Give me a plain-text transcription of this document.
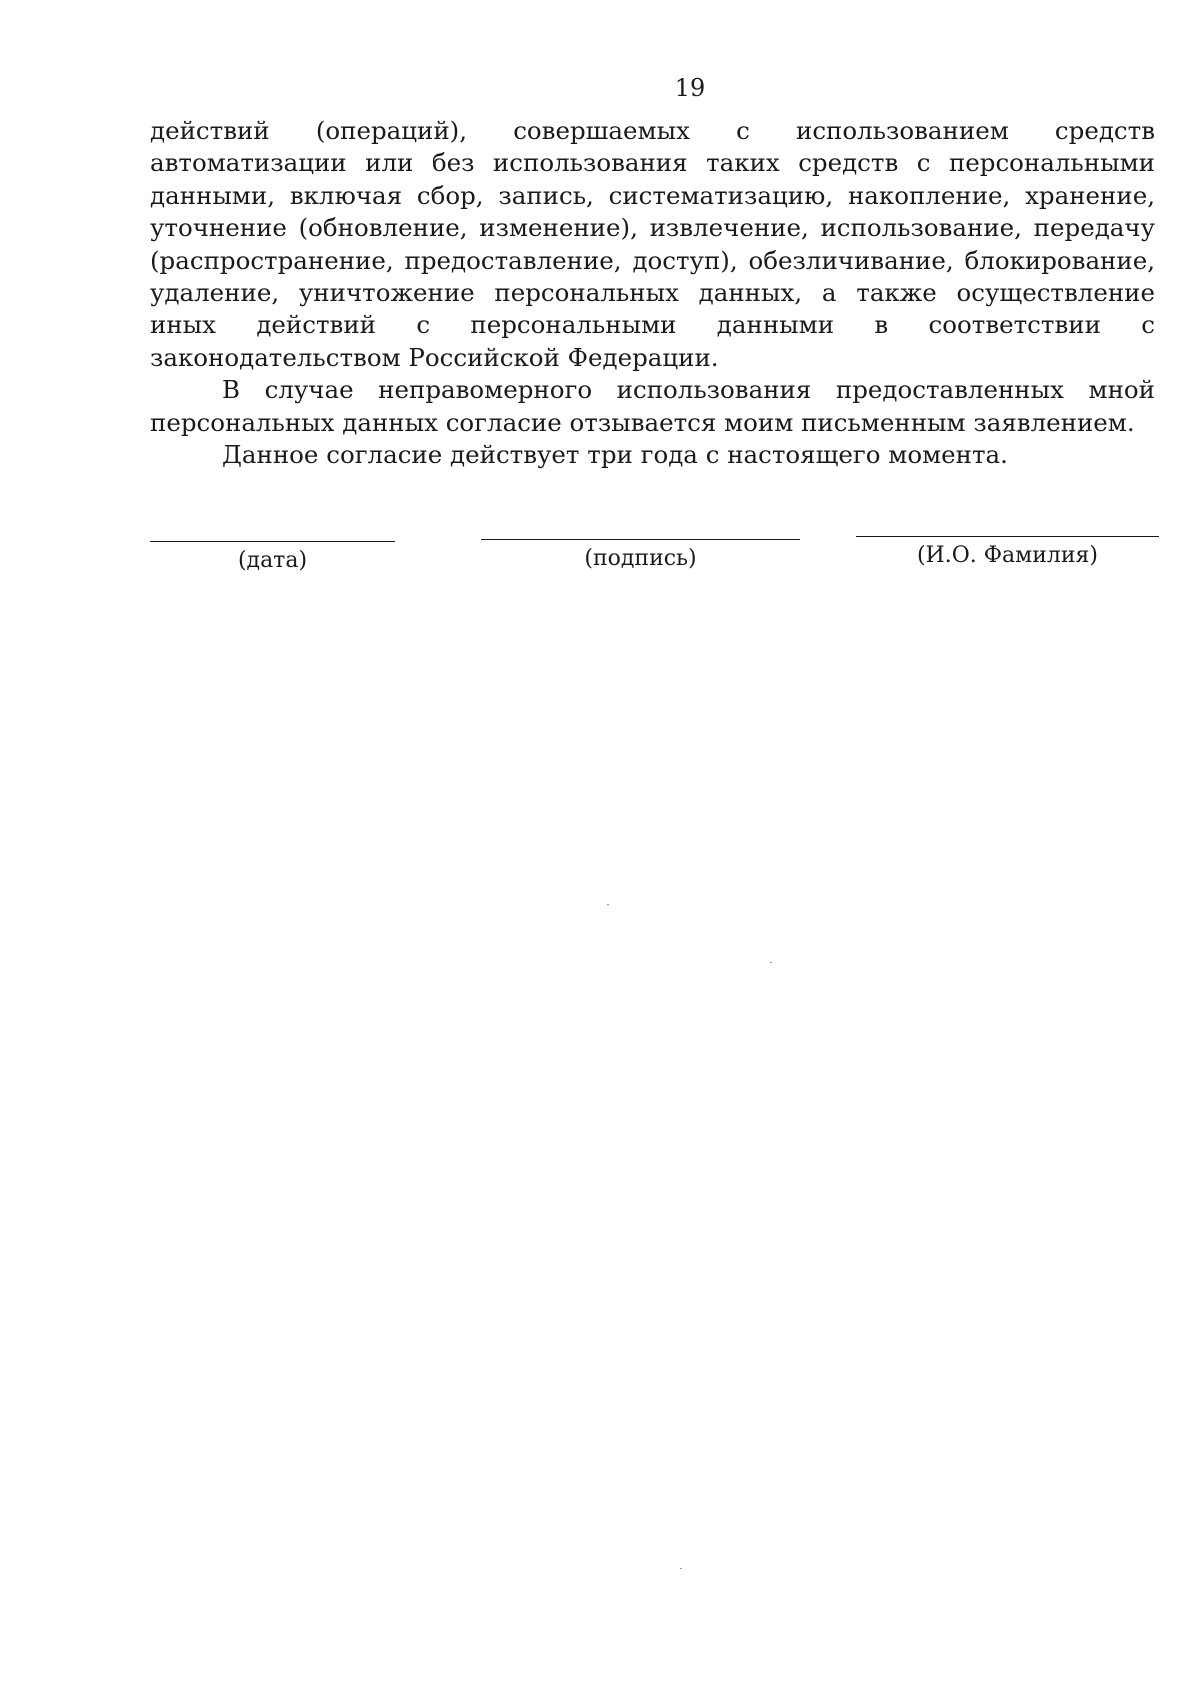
19

действий (операций), совершаемых с использованием средств автоматизации или без использования таких средств с персональными данными, включая сбор, запись, систематизацию, накопление, хранение, уточнение (обновление, изменение), извлечение, использование, передачу (распространение, предоставление, доступ), обезличивание, блокирование, удаление, уничтожение персональных данных, а также осуществление иных действий с персональными данными в соответствии с законодательством Российской Федерации.

В случае неправомерного использования предоставленных мной персональных данных согласие отзывается моим письменным заявлением.

Данное согласие действует три года с настоящего момента.

(дата)	(подпись)	(И.О. Фамилия)
